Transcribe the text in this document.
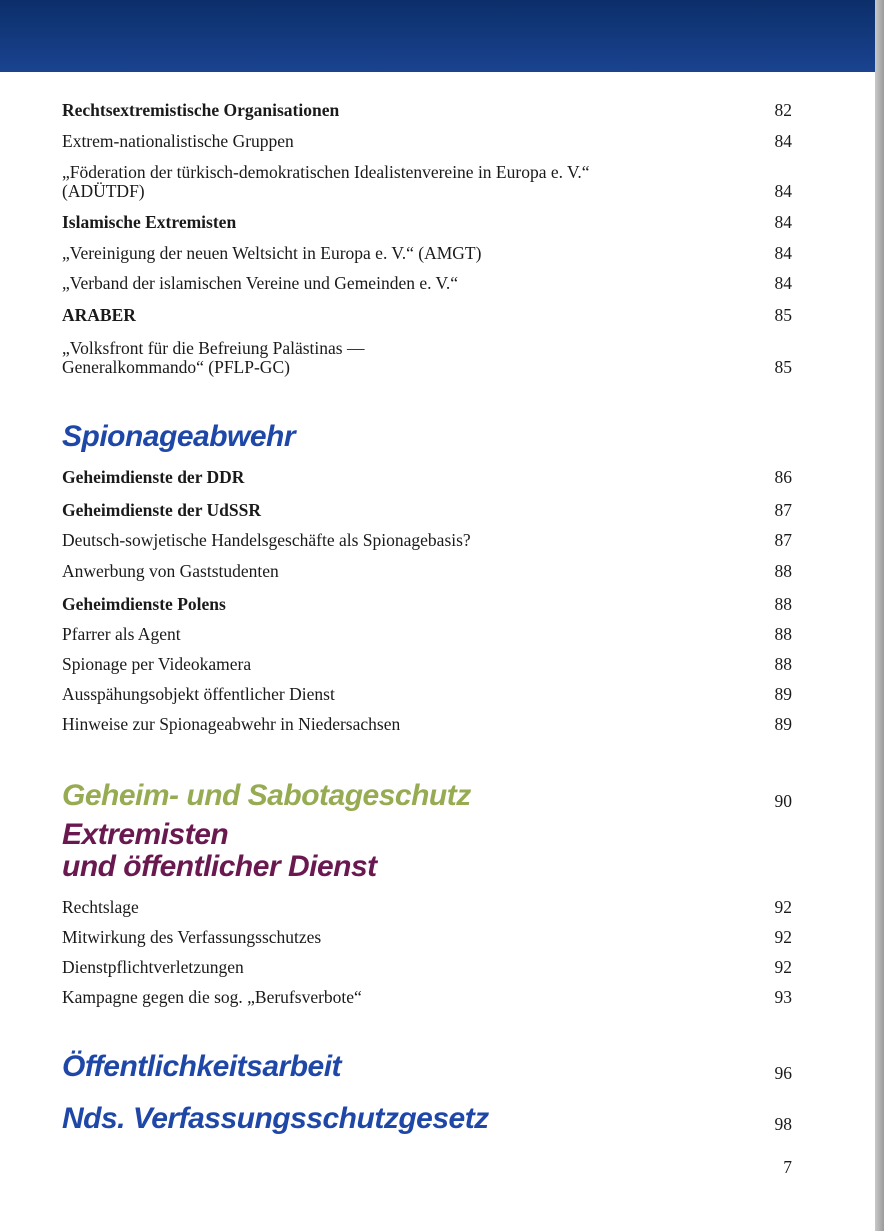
Rechtsextremistische Organisationen	82
Extrem-nationalistische Gruppen	84
„Föderation der türkisch-demokratischen Idealistenvereine in Europa e. V.“ (ADÜTDF)	84
Islamische Extremisten	84
„Vereinigung der neuen Weltsicht in Europa e. V.“ (AMGT)	84
„Verband der islamischen Vereine und Gemeinden e. V.“	84
ARABER	85
„Volksfront für die Befreiung Palästinas — Generalkommando“ (PFLP-GC)	85
Spionageabwehr
Geheimdienste der DDR	86
Geheimdienste der UdSSR	87
Deutsch-sowjetische Handelsgeschäfte als Spionagebasis?	87
Anwerbung von Gaststudenten	88
Geheimdienste Polens	88
Pfarrer als Agent	88
Spionage per Videokamera	88
Ausspähungsobjekt öffentlicher Dienst	89
Hinweise zur Spionageabwehr in Niedersachsen	89
Geheim- und Sabotageschutz	90
Extremisten
und öffentlicher Dienst
Rechtslage	92
Mitwirkung des Verfassungsschutzes	92
Dienstpflichtverletzungen	92
Kampagne gegen die sog. „Berufsverbote“	93
Öffentlichkeitsarbeit	96
Nds. Verfassungsschutzgesetz	98
7
